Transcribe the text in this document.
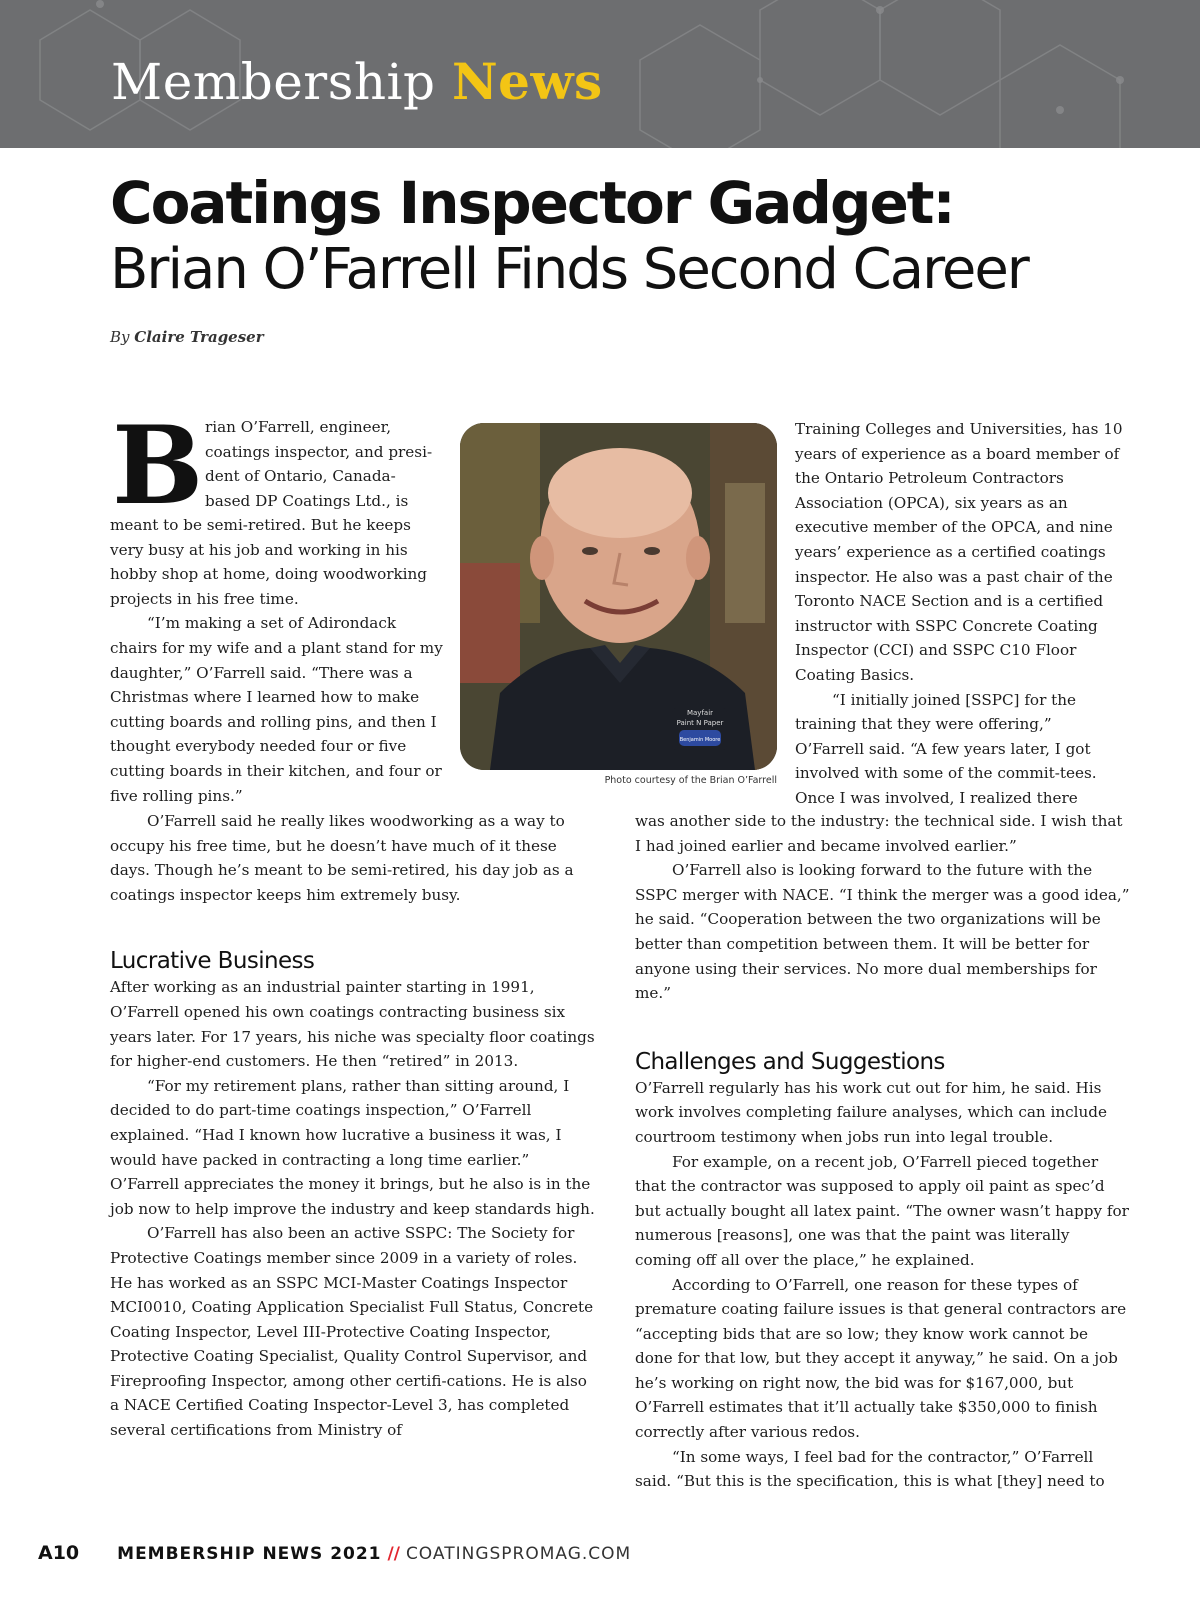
Membership News
Coatings Inspector Gadget:
Brian O’Farrell Finds Second Career
By Claire Trageser
B rian O’Farrell, engineer,
coatings inspector, and presi-
dent of Ontario, Canada-
based DP Coatings Ltd., is

meant to be semi-retired. But he keeps very busy at his job and working in his hobby shop at home, doing woodworking projects in his free time.

“I’m making a set of Adirondack chairs for my wife and a plant stand for my daughter,” O’Farrell said. “There was a Christmas where I learned how to make cutting boards and rolling pins, and then I thought everybody needed four or five cutting boards in their kitchen, and four or five rolling pins.”

O’Farrell said he really likes woodworking as a way to occupy his free time, but he doesn’t have much of it these days. Though he’s meant to be semi-retired, his day job as a coatings inspector keeps him extremely busy.

Lucrative Business

After working as an industrial painter starting in 1991, O’Farrell opened his own coatings contracting business six years later. For 17 years, his niche was specialty floor coatings for higher-end customers. He then “retired” in 2013.

“For my retirement plans, rather than sitting around, I decided to do part-time coatings inspection,” O’Farrell explained. “Had I known how lucrative a business it was, I would have packed in contracting a long time earlier.” O’Farrell appreciates the money it brings, but he also is in the job now to help improve the industry and keep standards high.

O’Farrell has also been an active SSPC: The Society for Protective Coatings member since 2009 in a variety of roles. He has worked as an SSPC MCI-Master Coatings Inspector MCI0010, Coating Application Specialist Full Status, Concrete Coating Inspector, Level III-Protective Coating Inspector, Protective Coating Specialist, Quality Control Supervisor, and Fireproofing Inspector, among other certifi-cations. He is also a NACE Certified Coating Inspector-Level 3, has completed several certifications from Ministry of

Mayfair
Paint N Paper
Benjamin Moore
Photo courtesy of the Brian O’Farrell

Training Colleges and Universities, has 10 years of experience as a board member of the Ontario Petroleum Contractors Association (OPCA), six years as an executive member of the OPCA, and nine years’ experience as a certified coatings inspector. He also was a past chair of the Toronto NACE Section and is a certified instructor with SSPC Concrete Coating Inspector (CCI) and SSPC C10 Floor Coating Basics.

“I initially joined [SSPC] for the training that they were offering,” O’Farrell said. “A few years later, I got involved with some of the commit-tees. Once I was involved, I realized there

was another side to the industry: the technical side. I wish that I had joined earlier and became involved earlier.”

O’Farrell also is looking forward to the future with the SSPC merger with NACE. “I think the merger was a good idea,” he said. “Cooperation between the two organizations will be better than competition between them. It will be better for anyone using their services. No more dual memberships for me.”

Challenges and Suggestions

O’Farrell regularly has his work cut out for him, he said. His work involves completing failure analyses, which can include courtroom testimony when jobs run into legal trouble.

For example, on a recent job, O’Farrell pieced together that the contractor was supposed to apply oil paint as spec’d but actually bought all latex paint. “The owner wasn’t happy for numerous [reasons], one was that the paint was literally coming off all over the place,” he explained.

According to O’Farrell, one reason for these types of premature coating failure issues is that general contractors are “accepting bids that are so low; they know work cannot be done for that low, but they accept it anyway,” he said. On a job he’s working on right now, the bid was for $167,000, but O’Farrell estimates that it’ll actually take $350,000 to finish correctly after various redos.

“In some ways, I feel bad for the contractor,” O’Farrell said. “But this is the specification, this is what [they] need to

A10 MEMBERSHIP NEWS 2021 // COATINGSPROMAG.COM
